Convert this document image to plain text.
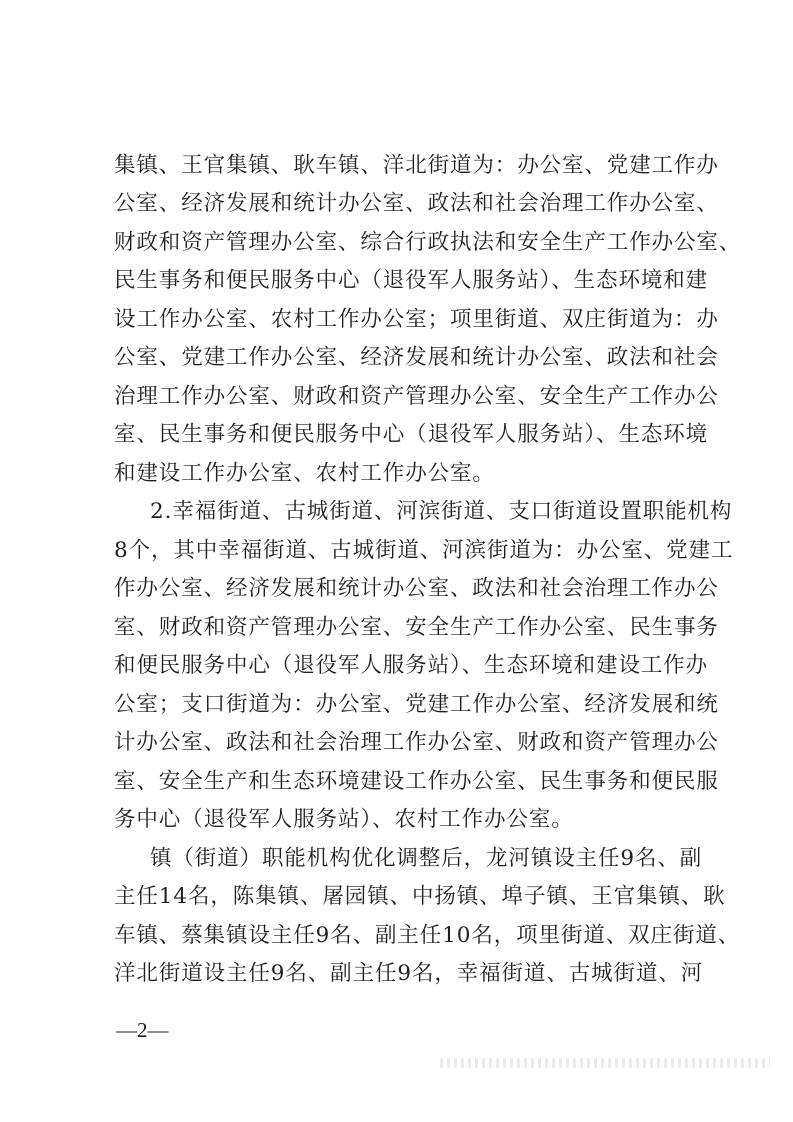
集镇、王官集镇、耿车镇、洋北街道为：办公室、党建工作办
公室、经济发展和统计办公室、政法和社会治理工作办公室、
财政和资产管理办公室、综合行政执法和安全生产工作办公室、
民生事务和便民服务中心（退役军人服务站）、生态环境和建
设工作办公室、农村工作办公室；项里街道、双庄街道为：办
公室、党建工作办公室、经济发展和统计办公室、政法和社会
治理工作办公室、财政和资产管理办公室、安全生产工作办公
室、民生事务和便民服务中心（退役军人服务站）、生态环境
和建设工作办公室、农村工作办公室。
2.幸福街道、古城街道、河滨街道、支口街道设置职能机构
8个，其中幸福街道、古城街道、河滨街道为：办公室、党建工
作办公室、经济发展和统计办公室、政法和社会治理工作办公
室、财政和资产管理办公室、安全生产工作办公室、民生事务
和便民服务中心（退役军人服务站）、生态环境和建设工作办
公室；支口街道为：办公室、党建工作办公室、经济发展和统
计办公室、政法和社会治理工作办公室、财政和资产管理办公
室、安全生产和生态环境建设工作办公室、民生事务和便民服
务中心（退役军人服务站）、农村工作办公室。
镇（街道）职能机构优化调整后，龙河镇设主任9名、副
主任14名，陈集镇、屠园镇、中扬镇、埠子镇、王官集镇、耿
车镇、蔡集镇设主任9名、副主任10名，项里街道、双庄街道、
洋北街道设主任9名、副主任9名，幸福街道、古城街道、河
—2—
